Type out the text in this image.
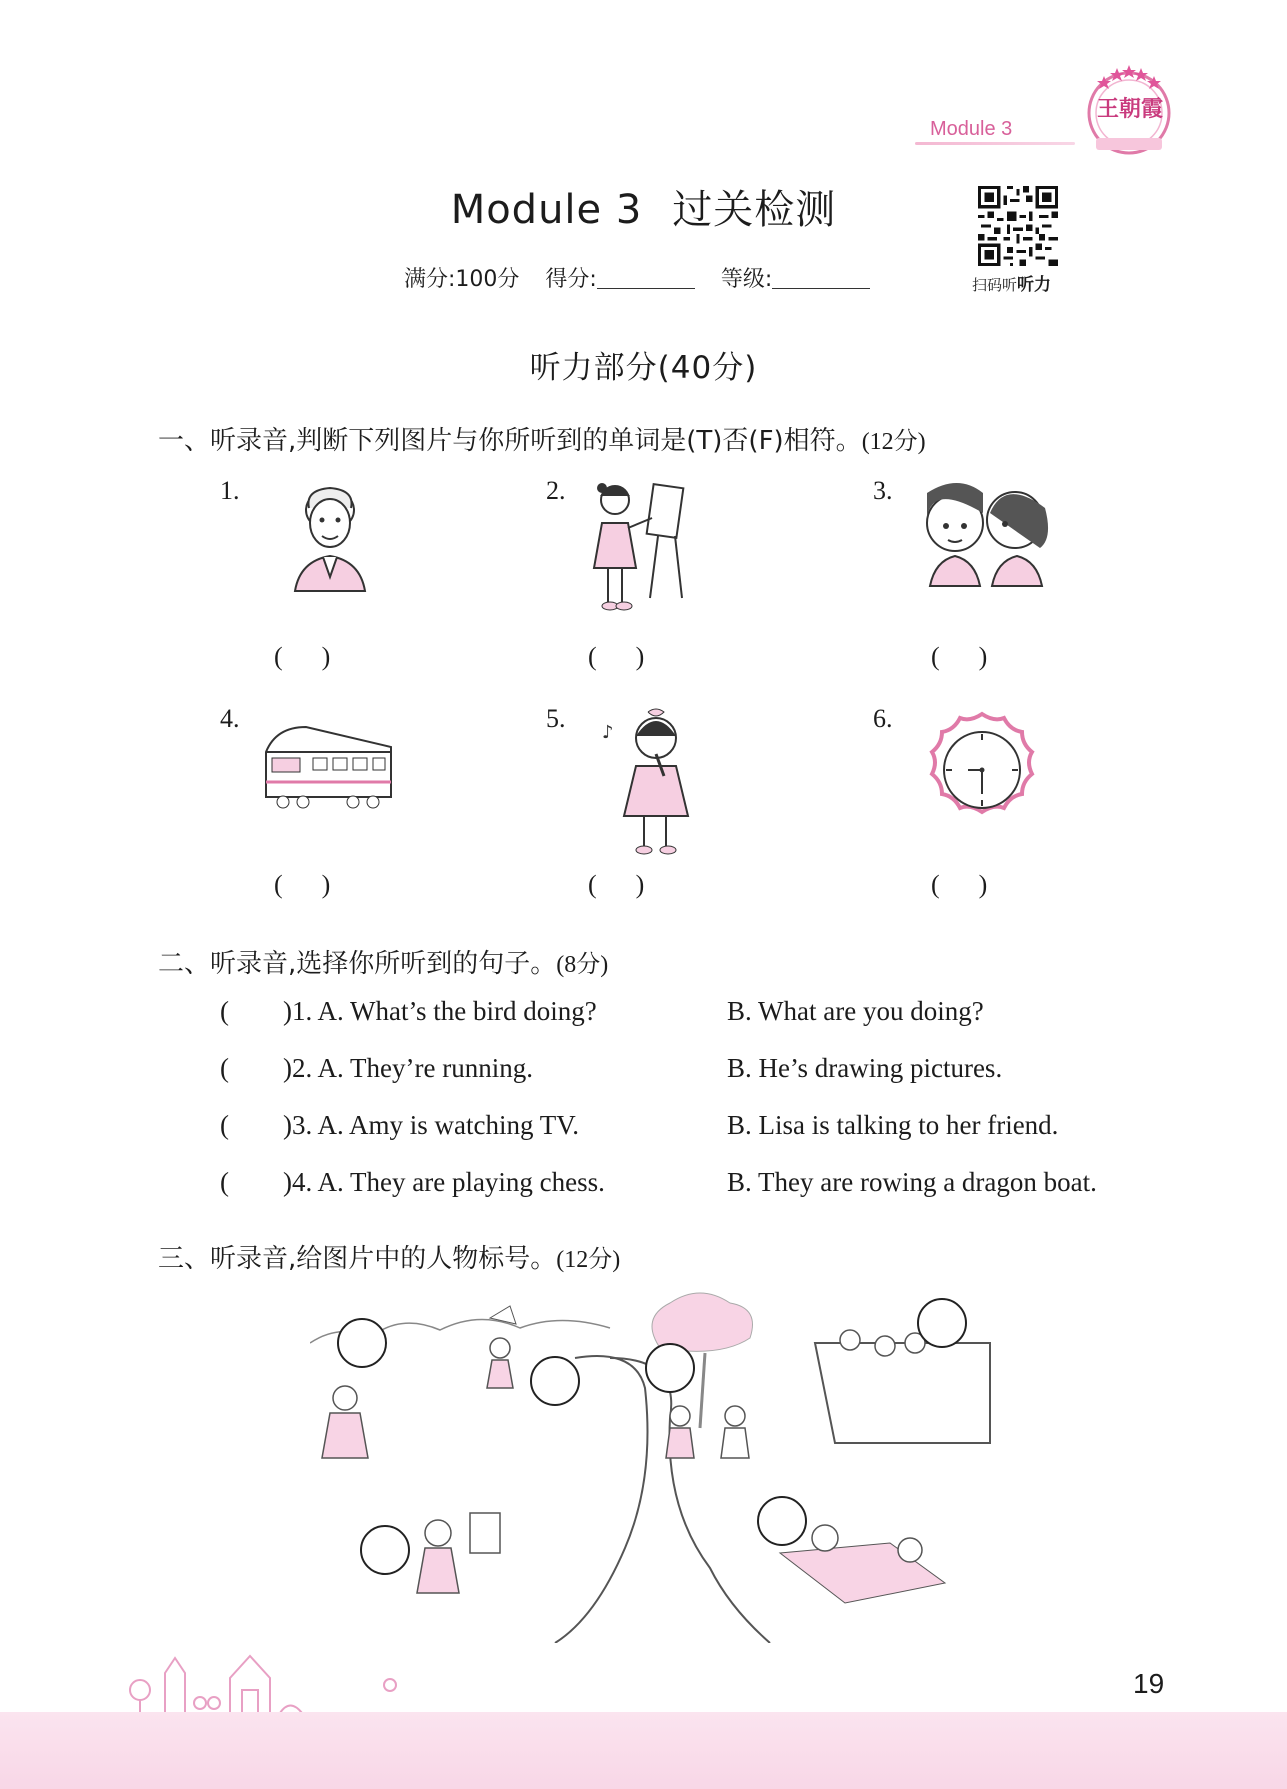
Module 3
王朝霞
Module 3 过关检测
扫码听听力
满分:100分 得分:	等级:
听力部分(40分)
一、听录音,判断下列图片与你所听到的单词是(T)否(F)相符。(12分)
1.	2.	3.
4.	5.	6.
♪
(      )	(      )	(      )
(      )	(      )	(      )
二、听录音,选择你所听到的句子。(8分)
(        )1. A. What’s the bird doing?	B. What are you doing?
(        )2. A. They’re running.	B. He’s drawing pictures.
(        )3. A. Amy is watching TV.	B. Lisa is talking to her friend.
(        )4. A. They are playing chess.	B. They are rowing a dragon boat.
三、听录音,给图片中的人物标号。(12分)
19
